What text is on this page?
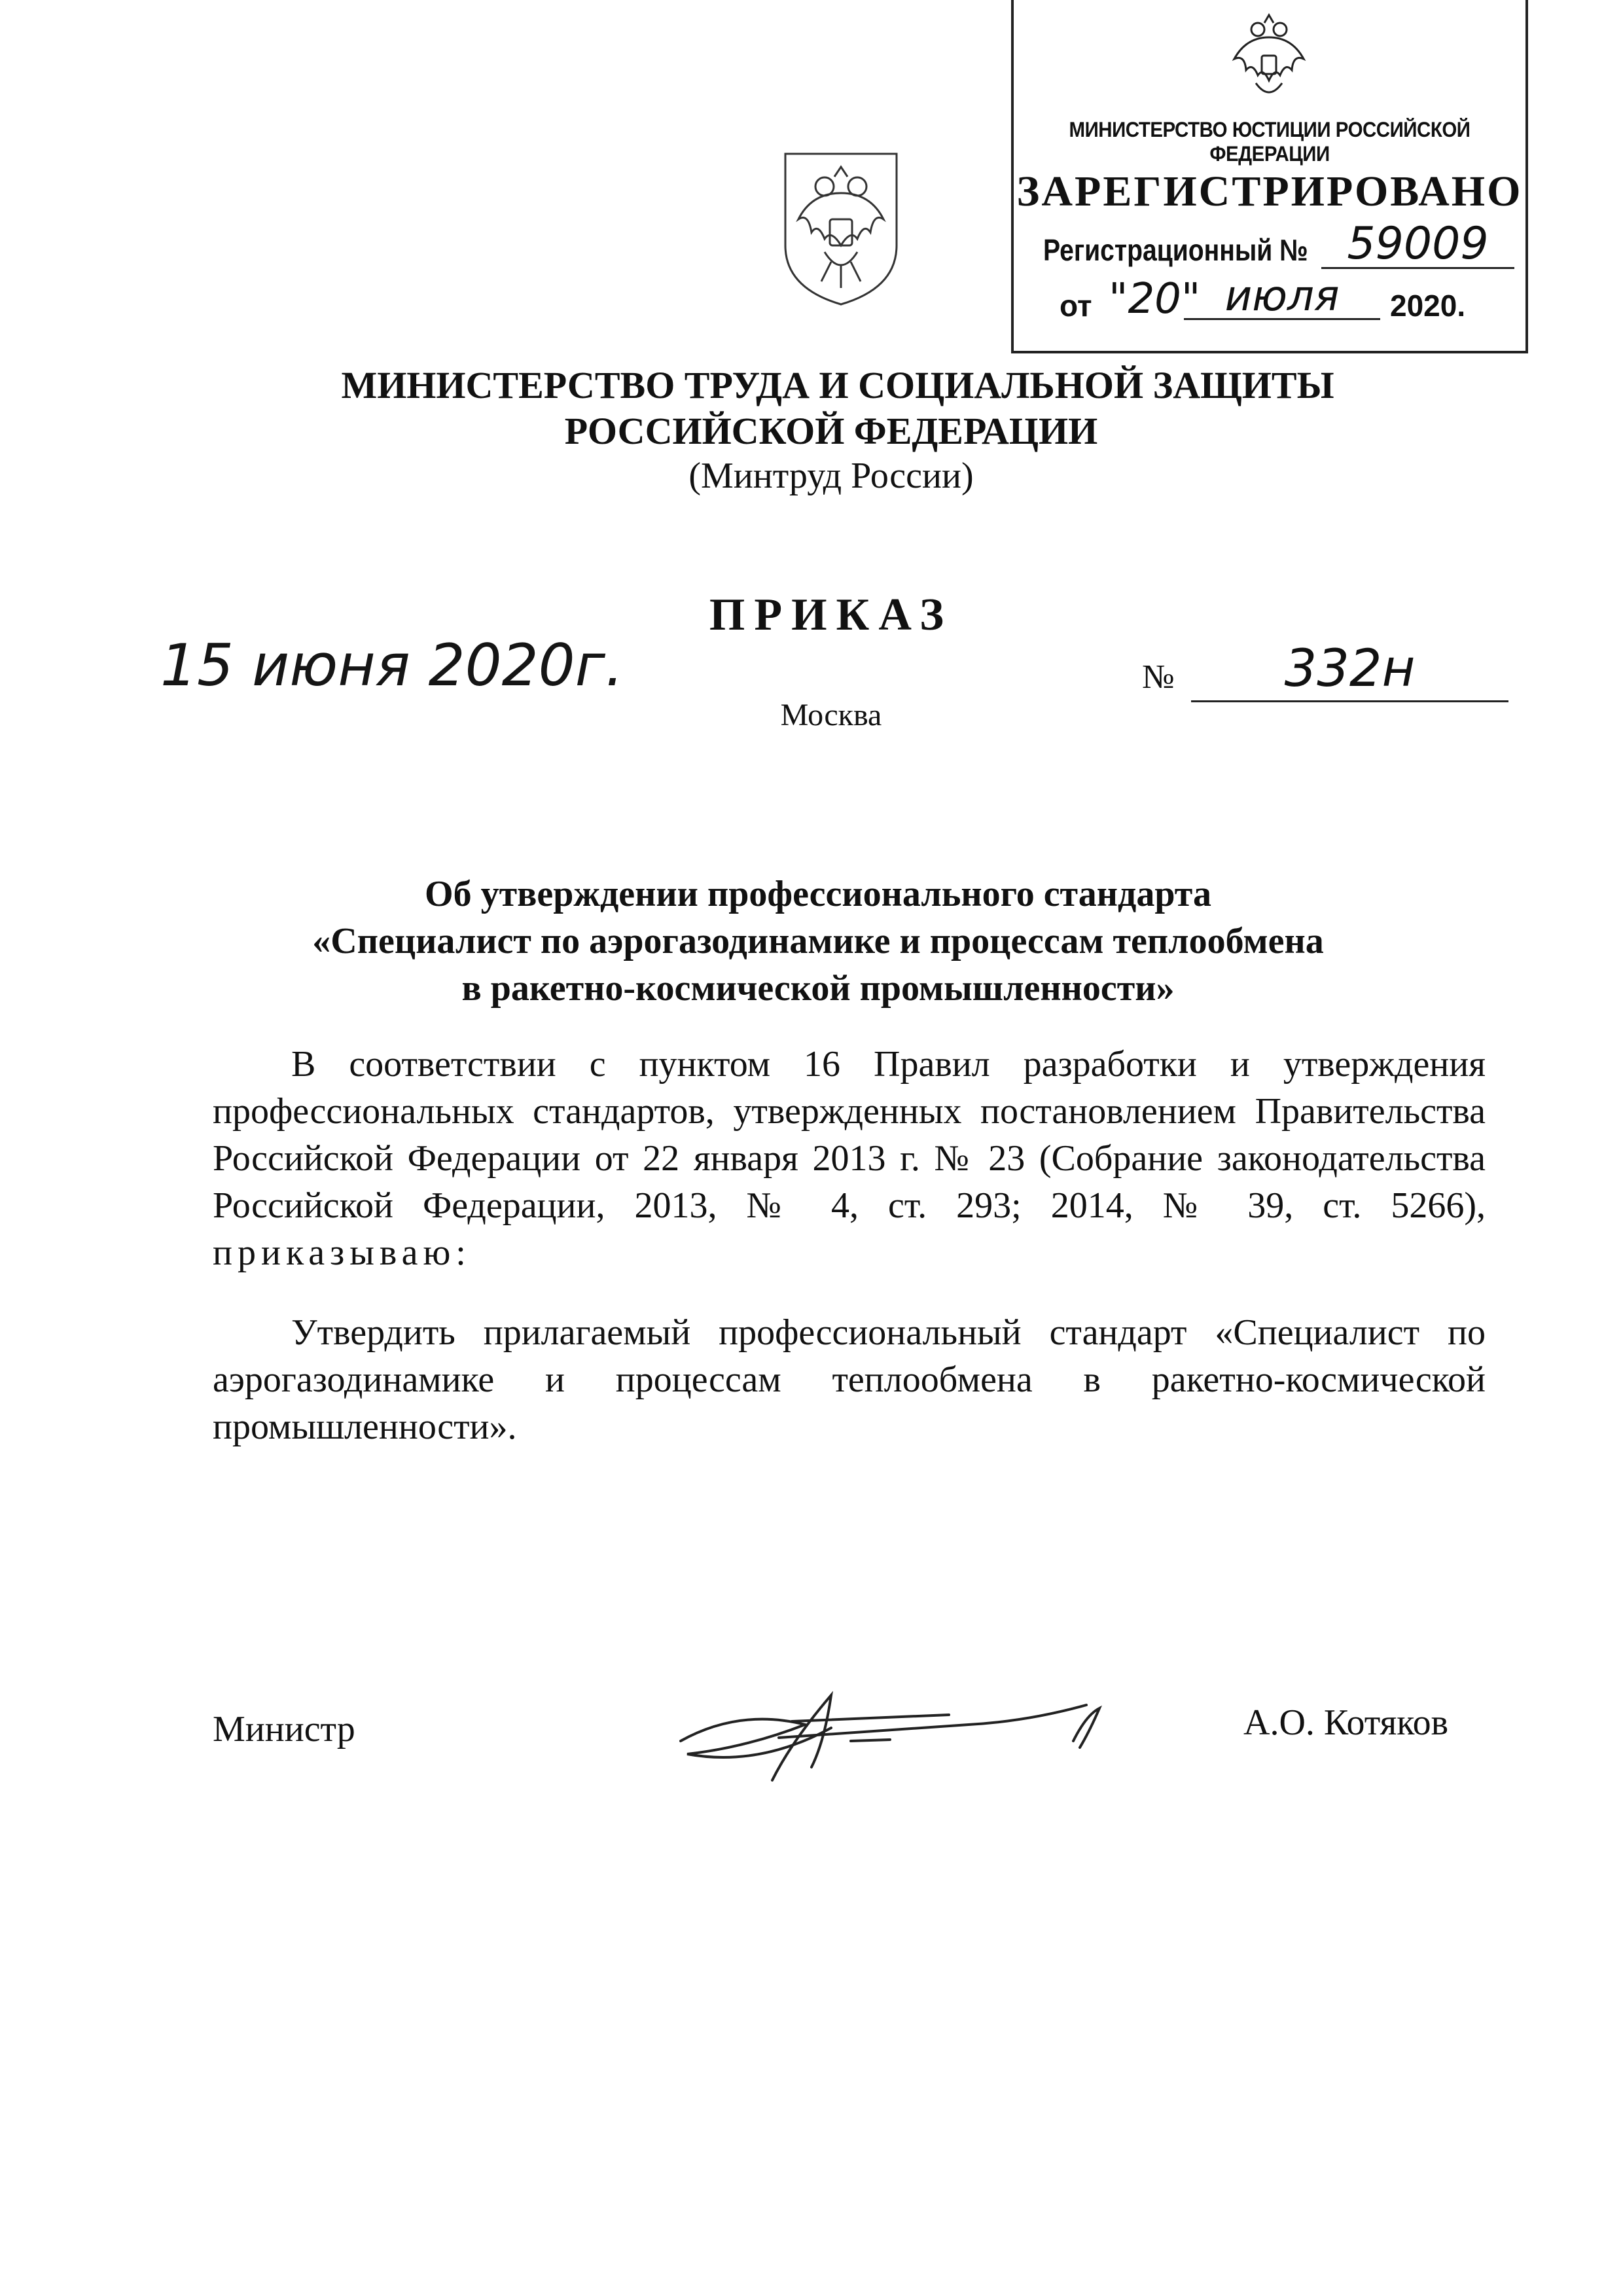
МИНИСТЕРСТВО ЮСТИЦИИ РОССИЙСКОЙ ФЕДЕРАЦИИ
ЗАРЕГИСТРИРОВАНО
Регистрационный № 59009
от "20" июля	2020.
МИНИСТЕРСТВО ТРУДА И СОЦИАЛЬНОЙ ЗАЩИТЫ
РОССИЙСКОЙ ФЕДЕРАЦИИ
(Минтруд России)
ПРИКАЗ
15 июня 2020г.	№	332н
Москва
Об утверждении профессионального стандарта
«Специалист по аэрогазодинамике и процессам теплообмена
в ракетно-космической промышленности»
В соответствии с пунктом 16 Правил разработки и утверждения профессиональных стандартов, утвержденных постановлением Правительства Российской Федерации от 22 января 2013 г. № 23 (Собрание законодательства Российской Федерации, 2013, № 4, ст. 293; 2014, № 39, ст. 5266), приказываю:
Утвердить прилагаемый профессиональный стандарт «Специалист по аэрогазодинамике и процессам теплообмена в ракетно-космической промышленности».
Министр	А.О. Котяков
